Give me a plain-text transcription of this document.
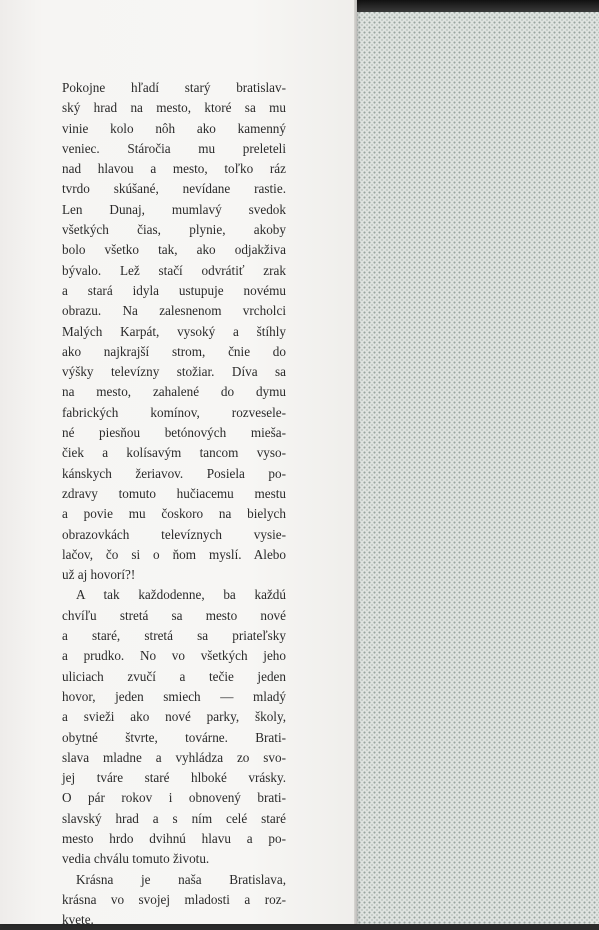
Pokojne hľadí starý bratislav-

ský hrad na mesto, ktoré sa mu

vinie kolo nôh ako kamenný

veniec. Stáročia mu preleteli

nad hlavou a mesto, toľko ráz

tvrdo skúšané, nevídane rastie.

Len Dunaj, mumlavý svedok

všetkých čias, plynie, akoby

bolo všetko tak, ako odjakživa

bývalo. Lež stačí odvrátiť zrak

a stará idyla ustupuje novému

obrazu. Na zalesnenom vrcholci

Malých Karpát, vysoký a štíhly

ako najkrajší strom, čnie do

výšky televízny stožiar. Díva sa

na mesto, zahalené do dymu

fabrických komínov, rozvesele-

né piesňou betónových mieša-

čiek a kolísavým tancom vyso-

kánskych žeriavov. Posiela po-

zdravy tomuto hučiacemu mestu

a povie mu čoskoro na bielych

obrazovkách televíznych vysie-

lačov, čo si o ňom myslí. Alebo

už aj hovorí?!

A tak každodenne, ba každú

chvíľu stretá sa mesto nové

a staré, stretá sa priateľsky

a prudko. No vo všetkých jeho

uliciach zvučí a tečie jeden

hovor, jeden smiech — mladý

a svieži ako nové parky, školy,

obytné štvrte, továrne. Brati-

slava mladne a vyhládza zo svo-

jej tváre staré hlboké vrásky.

O pár rokov i obnovený brati-

slavský hrad a s ním celé staré

mesto hrdo dvihnú hlavu a po-

vedia chválu tomuto životu.

Krásna je naša Bratislava,

krásna vo svojej mladosti a roz-

kvete.
